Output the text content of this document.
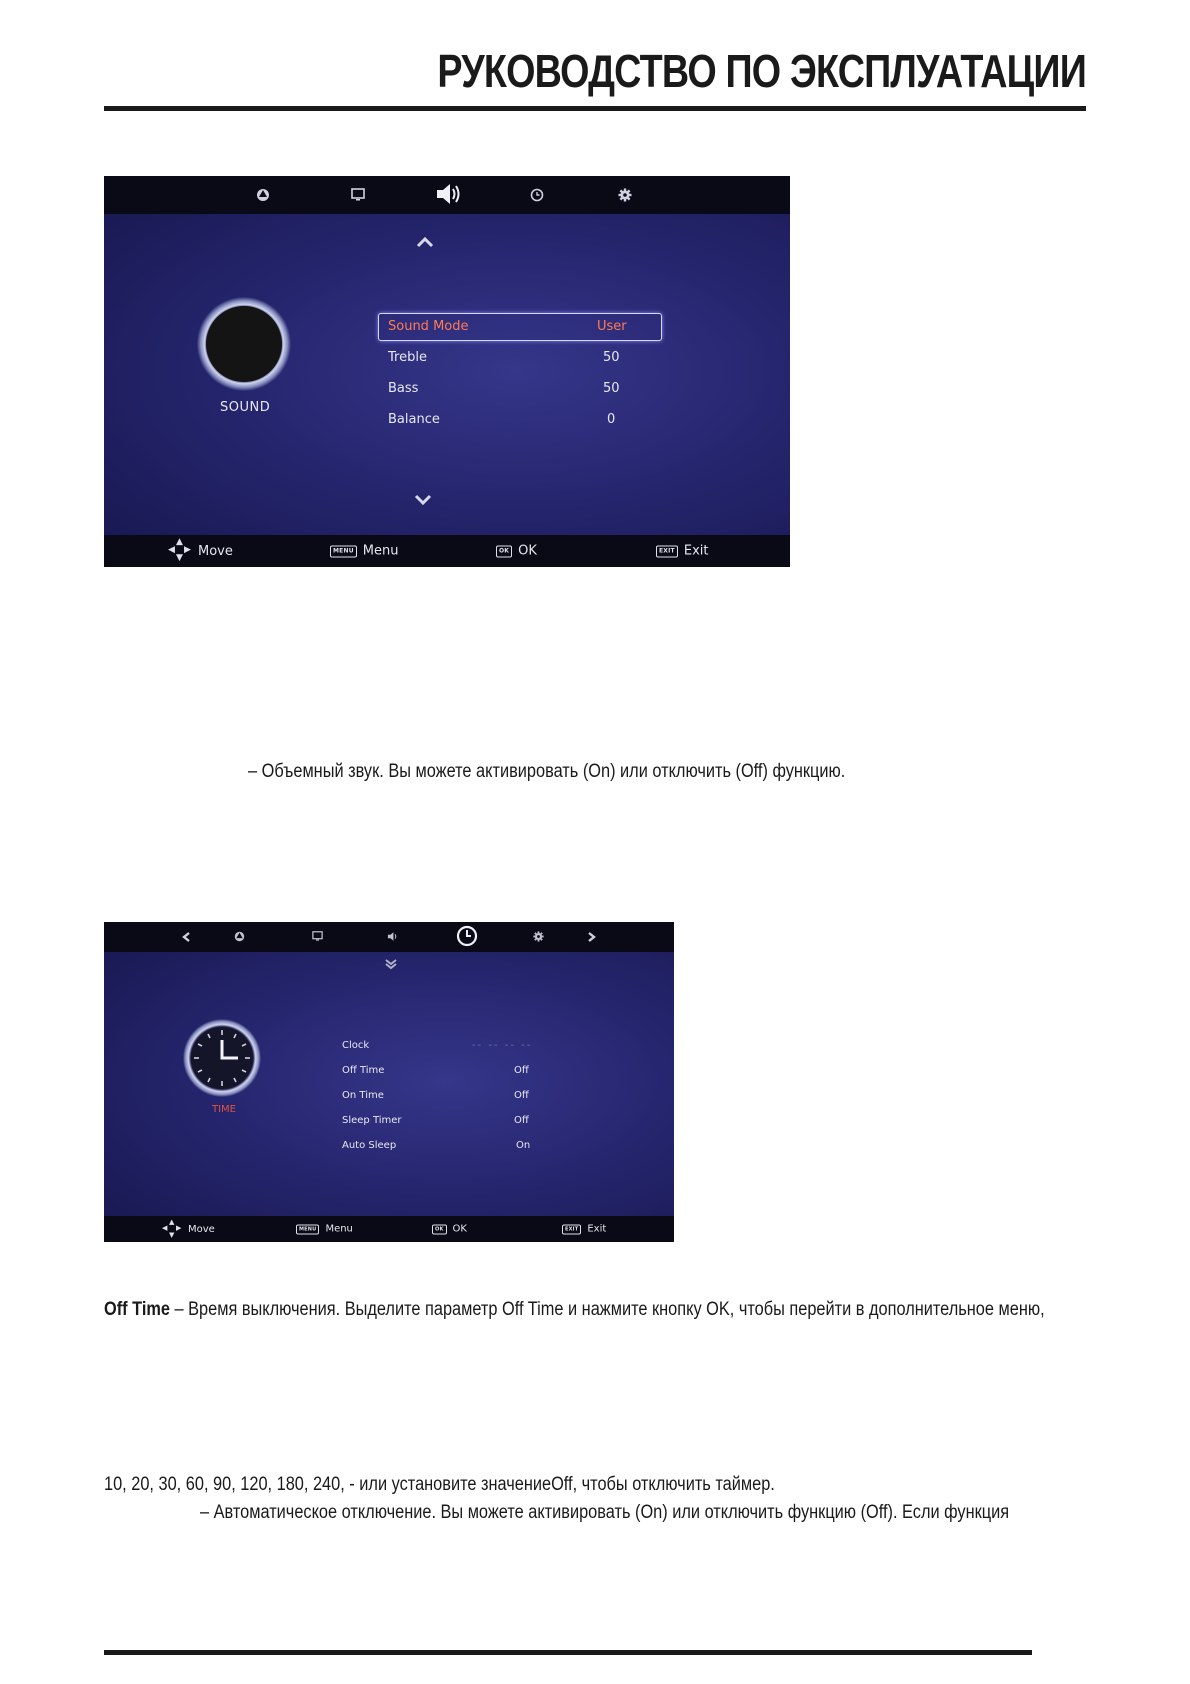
РУКОВОДСТВО ПО ЭКСПЛУАТАЦИИ
SOUND
Sound Mode	User
Treble	50
Bass	50
Balance	0
▲
▼
◀ ▶ Move	MENU Menu	OK OK	EXIT Exit
– Объемный звук. Вы можете активировать (On) или отключить (Off) функцию.
TIME
Clock	-- -- -- --
Off Time	Off
On Time	Off
Sleep Timer	Off
Auto Sleep	On
▲
▼
◀ ▶ Move	MENU Menu	OK OK	EXIT Exit
Off Time – Время выключения. Выделите параметр Off Time и нажмите кнопку OK, чтобы перейти в дополнительное меню,
10, 20, 30, 60, 90, 120, 180, 240, - или установите значениеOff, чтобы отключить таймер.
– Автоматическое отключение. Вы можете активировать (On) или отключить функцию (Off). Если функция
